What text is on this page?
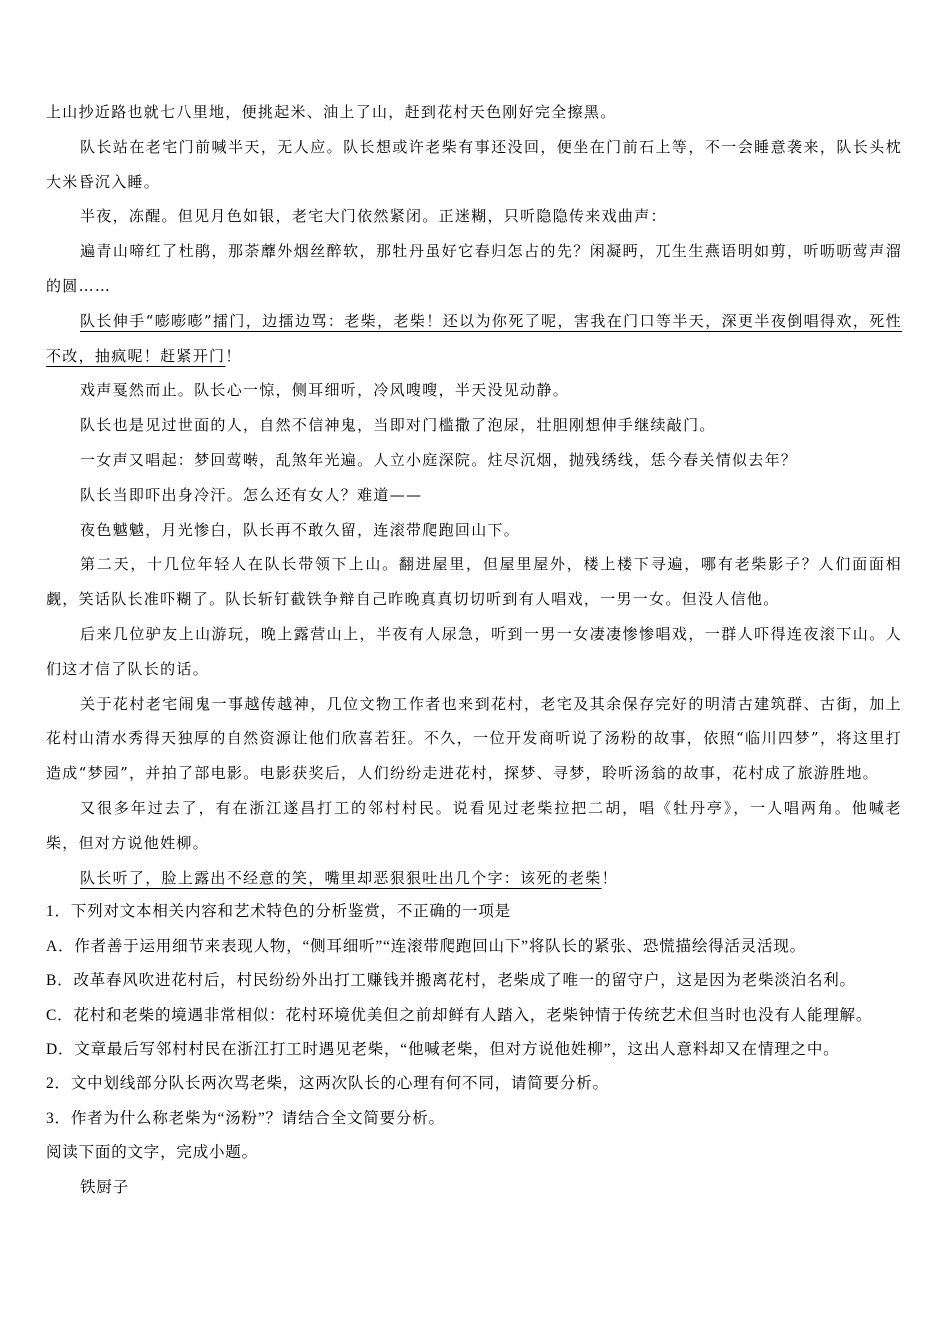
上山抄近路也就七八里地，便挑起米、油上了山，赶到花村天色刚好完全擦黑。

队长站在老宅门前喊半天，无人应。队长想或许老柴有事还没回，便坐在门前石上等，不一会睡意袭来，队长头枕大米昏沉入睡。

半夜，冻醒。但见月色如银，老宅大门依然紧闭。正迷糊，只听隐隐传来戏曲声：

遍青山啼红了杜鹃，那荼蘼外烟丝醉软，那牡丹虽好它春归怎占的先？闲凝眄，兀生生燕语明如剪，听呖呖莺声溜的圆……

队长伸手“嘭嘭嘭”擂门，边擂边骂：老柴，老柴！还以为你死了呢，害我在门口等半天，深更半夜倒唱得欢，死性不改，抽疯呢！赶紧开门！

戏声戛然而止。队长心一惊，侧耳细听，冷风嗖嗖，半天没见动静。

队长也是见过世面的人，自然不信神鬼，当即对门槛撒了泡尿，壮胆刚想伸手继续敲门。

一女声又唱起：梦回莺啭，乱煞年光遍。人立小庭深院。炷尽沉烟，抛残绣线，恁今春关情似去年？

队长当即吓出身冷汗。怎么还有女人？难道——

夜色魆魆，月光惨白，队长再不敢久留，连滚带爬跑回山下。

第二天，十几位年轻人在队长带领下上山。翻进屋里，但屋里屋外，楼上楼下寻遍，哪有老柴影子？人们面面相觑，笑话队长准吓糊了。队长斩钉截铁争辩自己昨晚真真切切听到有人唱戏，一男一女。但没人信他。

后来几位驴友上山游玩，晚上露营山上，半夜有人尿急，听到一男一女凄凄惨惨唱戏，一群人吓得连夜滚下山。人们这才信了队长的话。

关于花村老宅闹鬼一事越传越神，几位文物工作者也来到花村，老宅及其余保存完好的明清古建筑群、古街，加上花村山清水秀得天独厚的自然资源让他们欣喜若狂。不久，一位开发商听说了汤粉的故事，依照“临川四梦”，将这里打造成“梦园”，并拍了部电影。电影获奖后，人们纷纷走进花村，探梦、寻梦，聆听汤翁的故事，花村成了旅游胜地。

又很多年过去了，有在浙江遂昌打工的邻村村民。说看见过老柴拉把二胡，唱《牡丹亭》，一人唱两角。他喊老柴，但对方说他姓柳。

队长听了，脸上露出不经意的笑，嘴里却恶狠狠吐出几个字：该死的老柴！

1．下列对文本相关内容和艺术特色的分析鉴赏，不正确的一项是

A．作者善于运用细节来表现人物，“侧耳细听”“连滚带爬跑回山下”将队长的紧张、恐慌描绘得活灵活现。

B．改革春风吹进花村后，村民纷纷外出打工赚钱并搬离花村，老柴成了唯一的留守户，这是因为老柴淡泊名利。

C．花村和老柴的境遇非常相似：花村环境优美但之前却鲜有人踏入，老柴钟情于传统艺术但当时也没有人能理解。

D．文章最后写邻村村民在浙江打工时遇见老柴，“他喊老柴，但对方说他姓柳”，这出人意料却又在情理之中。

2．文中划线部分队长两次骂老柴，这两次队长的心理有何不同，请简要分析。

3．作者为什么称老柴为“汤粉”？请结合全文简要分析。

阅读下面的文字，完成小题。

铁厨子
